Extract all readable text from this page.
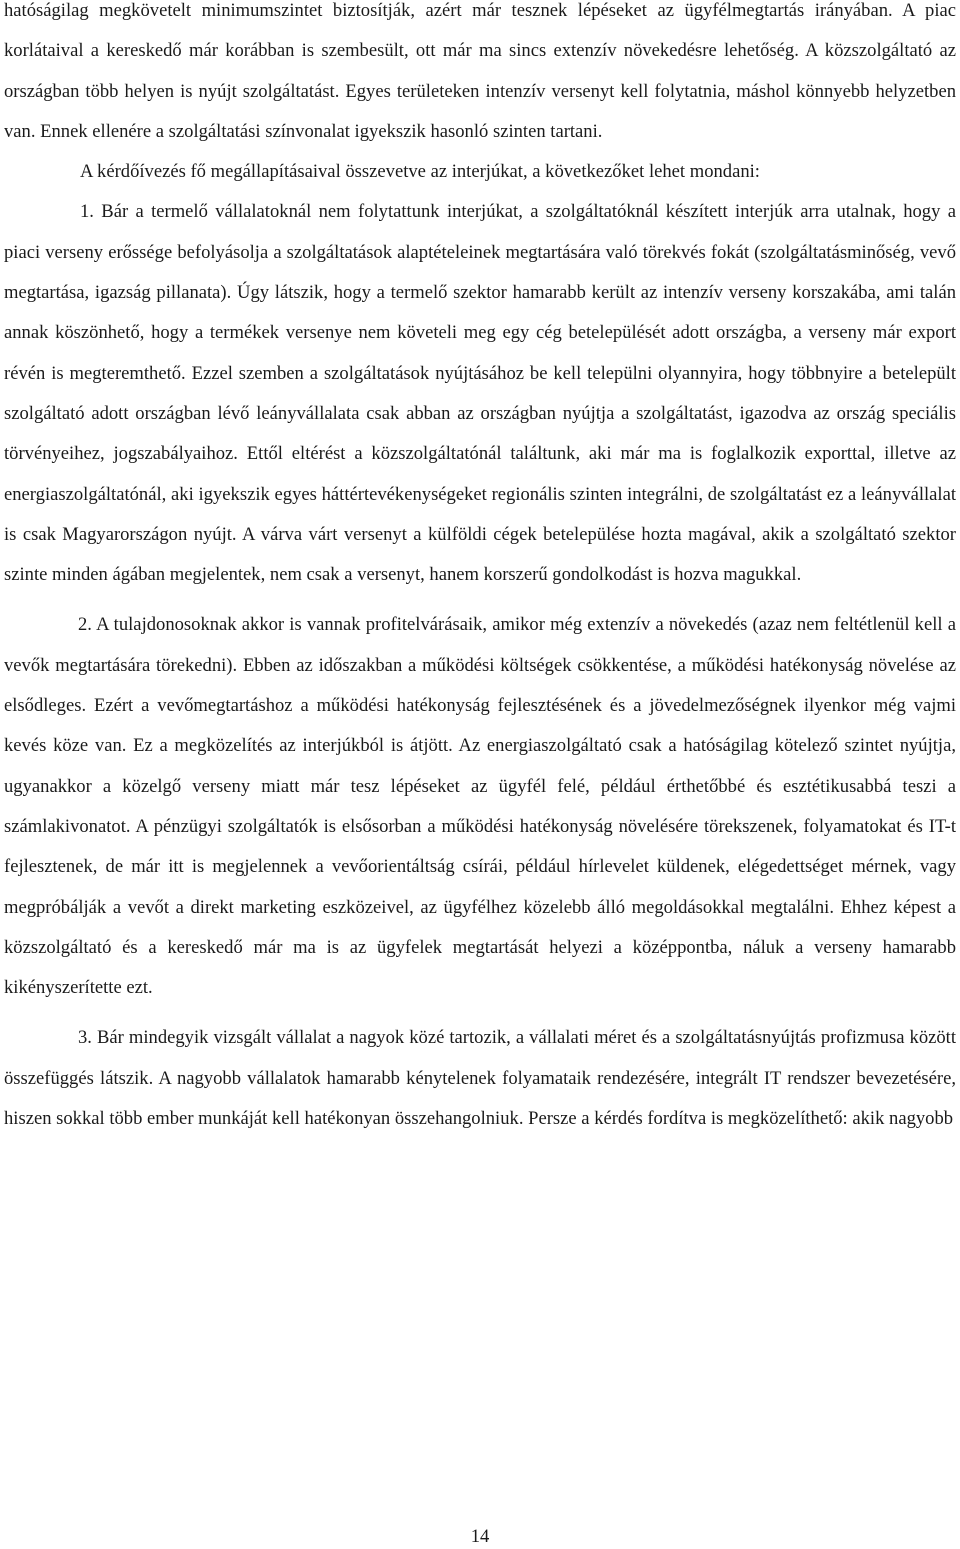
hatóságilag megkövetelt minimumszintet biztosítják, azért már tesznek lépéseket az ügyfélmegtartás irányában. A piac korlátaival a kereskedő már korábban is szembesült, ott már ma sincs extenzív növekedésre lehetőség. A közszolgáltató az országban több helyen is nyújt szolgáltatást. Egyes területeken intenzív versenyt kell folytatnia, máshol könnyebb helyzetben van. Ennek ellenére a szolgáltatási színvonalat igyekszik hasonló szinten tartani.

A kérdőívezés fő megállapításaival összevetve az interjúkat, a következőket lehet mondani:

1. Bár a termelő vállalatoknál nem folytattunk interjúkat, a szolgáltatóknál készített interjúk arra utalnak, hogy a piaci verseny erőssége befolyásolja a szolgáltatások alaptételeinek megtartására való törekvés fokát (szolgáltatásminőség, vevő megtartása, igazság pillanata). Úgy látszik, hogy a termelő szektor hamarabb került az intenzív verseny korszakába, ami talán annak köszönhető, hogy a termékek versenye nem követeli meg egy cég betelepülését adott országba, a verseny már export révén is megteremthető. Ezzel szemben a szolgáltatások nyújtásához be kell települni olyannyira, hogy többnyire a betelepült szolgáltató adott országban lévő leányvállalata csak abban az országban nyújtja a szolgáltatást, igazodva az ország speciális törvényeihez, jogszabályaihoz. Ettől eltérést a közszolgáltatónál találtunk, aki már ma is foglalkozik exporttal, illetve az energiaszolgáltatónál, aki igyekszik egyes háttértevékenységeket regionális szinten integrálni, de szolgáltatást ez a leányvállalat is csak Magyarországon nyújt. A várva várt versenyt a külföldi cégek betelepülése hozta magával, akik a szolgáltató szektor szinte minden ágában megjelentek, nem csak a versenyt, hanem korszerű gondolkodást is hozva magukkal.

2. A tulajdonosoknak akkor is vannak profitelvárásaik, amikor még extenzív a növekedés (azaz nem feltétlenül kell a vevők megtartására törekedni). Ebben az időszakban a működési költségek csökkentése, a működési hatékonyság növelése az elsődleges. Ezért a vevőmegtartáshoz a működési hatékonyság fejlesztésének és a jövedelmezőségnek ilyenkor még vajmi kevés köze van. Ez a megközelítés az interjúkból is átjött. Az energiaszolgáltató csak a hatóságilag kötelező szintet nyújtja, ugyanakkor a közelgő verseny miatt már tesz lépéseket az ügyfél felé, például érthetőbbé és esztétikusabbá teszi a számlakivonatot. A pénzügyi szolgáltatók is elsősorban a működési hatékonyság növelésére törekszenek, folyamatokat és IT-t fejlesztenek, de már itt is megjelennek a vevőorientáltság csírái, például hírlevelet küldenek, elégedettséget mérnek, vagy megpróbálják a vevőt a direkt marketing eszközeivel, az ügyfélhez közelebb álló megoldásokkal megtalálni. Ehhez képest a közszolgáltató és a kereskedő már ma is az ügyfelek megtartását helyezi a középpontba, náluk a verseny hamarabb kikényszerítette ezt.

3. Bár mindegyik vizsgált vállalat a nagyok közé tartozik, a vállalati méret és a szolgáltatásnyújtás profizmusa között összefüggés látszik. A nagyobb vállalatok hamarabb kénytelenek folyamataik rendezésére, integrált IT rendszer bevezetésére, hiszen sokkal több ember munkáját kell hatékonyan összehangolniuk. Persze a kérdés fordítva is megközelíthető: akik nagyobb

14
